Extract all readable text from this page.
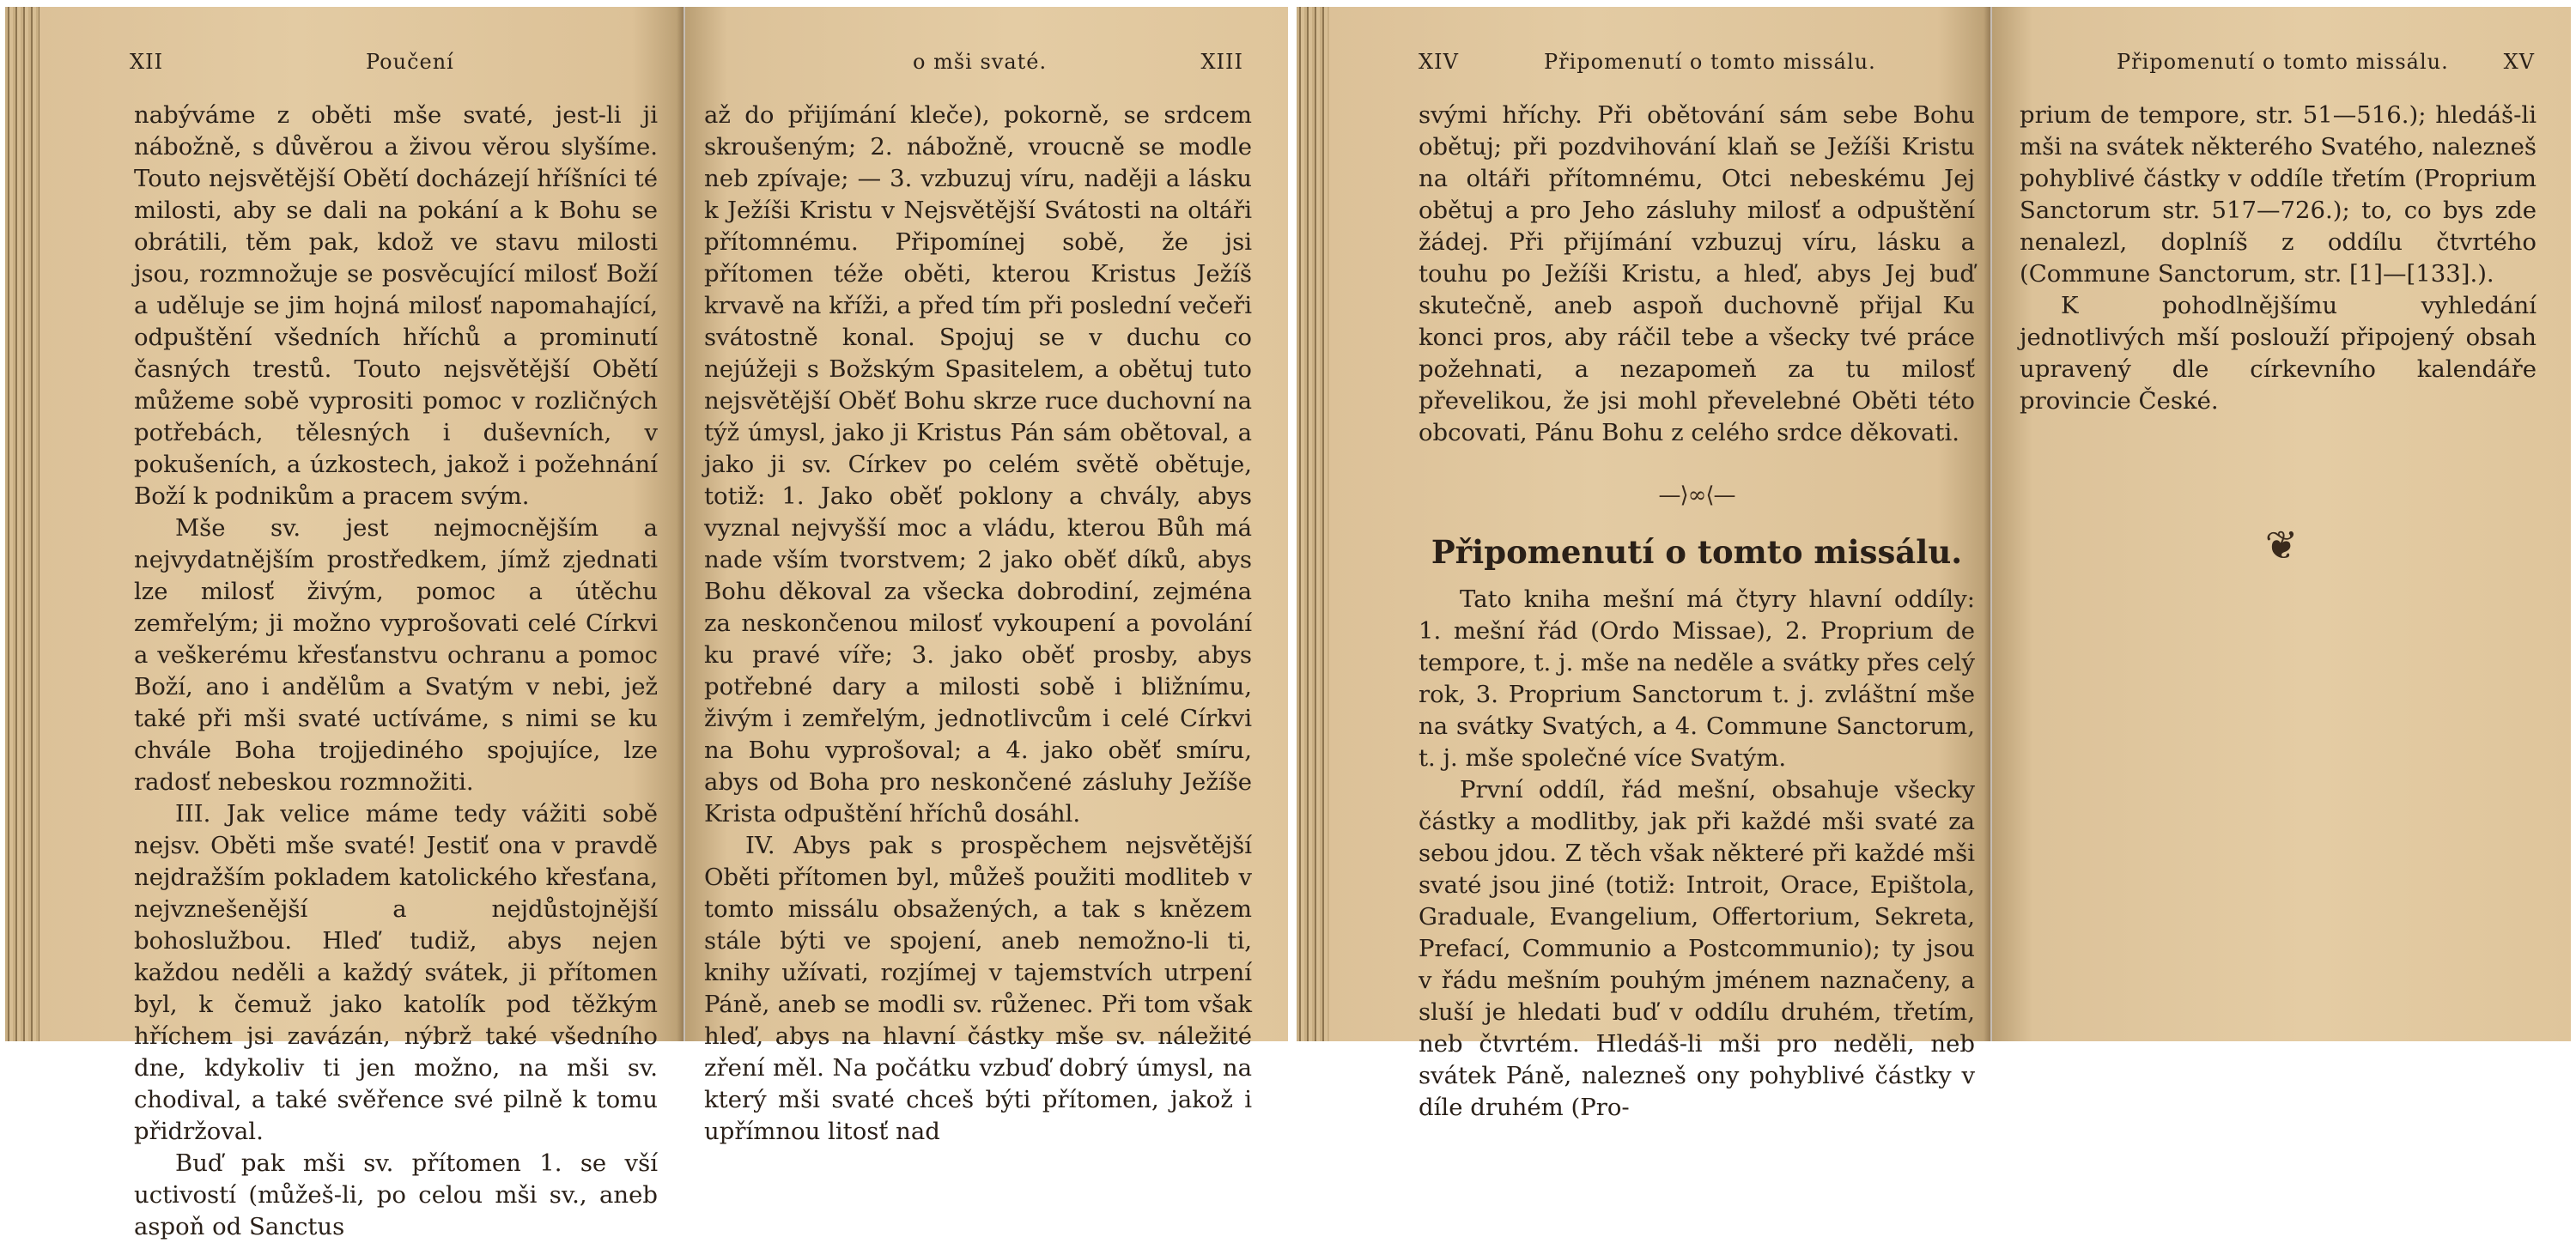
XII	Poučení

nabýváme z oběti mše svaté, jest-li ji nábožně, s důvěrou a živou věrou slyšíme. Touto nejsvětější Obětí docházejí hříšníci té milosti, aby se dali na pokání a k Bohu se obrátili, těm pak, kdož ve stavu milosti jsou, rozmnožuje se posvěcující milosť Boží a uděluje se jim hojná milosť napomahající, odpuštění všedních hříchů a prominutí časných trestů. Touto nejsvětější Obětí můžeme sobě vyprositi pomoc v rozličných potřebách, tělesných i duševních, v pokušeních, a úzkostech, jakož i požehnání Boží k podnikům a pracem svým.

Mše sv. jest nejmocnějším a nejvydatnějším prostředkem, jímž zjednati lze milosť živým, pomoc a útěchu zemřelým; ji možno vyprošovati celé Církvi a veškerému křesťanstvu ochranu a pomoc Boží, ano i andělům a Svatým v nebi, jež také při mši svaté uctíváme, s nimi se ku chvále Boha trojjediného spojujíce, lze radosť nebeskou rozmnožiti.

III. Jak velice máme tedy vážiti sobě nejsv. Oběti mše svaté! Jestiť ona v pravdě nejdražším pokladem katolického křesťana, nejvznešenější a nejdůstojnější bohoslužbou. Hleď tudiž, abys nejen každou neděli a každý svátek, ji přítomen byl, k čemuž jako katolík pod těžkým hříchem jsi zavázán, nýbrž také všedního dne, kdykoliv ti jen možno, na mši sv. chodival, a také svěřence své pilně k tomu přidržoval.

Buď pak mši sv. přítomen 1. se vší uctivostí (můžeš-li, po celou mši sv., aneb aspoň od Sanctus

o mši svaté.	XIII

až do přijímání kleče), pokorně, se srdcem skroušeným; 2. nábožně, vroucně se modle neb zpívaje; — 3. vzbuzuj víru, naději a lásku k Ježíši Kristu v Nejsvětější Svátosti na oltáři přítomnému. Připomínej sobě, že jsi přítomen téže oběti, kterou Kristus Ježíš krvavě na kříži, a před tím při poslední večeři svátostně konal. Spojuj se v duchu co nejúžeji s Božským Spasitelem, a obětuj tuto nejsvětější Oběť Bohu skrze ruce duchovní na týž úmysl, jako ji Kristus Pán sám obětoval, a jako ji sv. Církev po celém světě obětuje, totiž: 1. Jako oběť poklony a chvály, abys vyznal nejvyšší moc a vládu, kterou Bůh má nade vším tvorstvem; 2 jako oběť díků, abys Bohu děkoval za všecka dobrodiní, zejména za neskončenou milosť vykoupení a povolání ku pravé víře; 3. jako oběť prosby, abys potřebné dary a milosti sobě i bližnímu, živým i zemřelým, jednotlivcům i celé Církvi na Bohu vyprošoval; a 4. jako oběť smíru, abys od Boha pro neskončené zásluhy Ježíše Krista odpuštění hříchů dosáhl.

IV. Abys pak s prospěchem nejsvětější Oběti přítomen byl, můžeš použiti modliteb v tomto missálu obsažených, a tak s knězem stále býti ve spojení, aneb nemožno-li ti, knihy užívati, rozjímej v tajemstvích utrpení Páně, aneb se modli sv. růženec. Při tom však hleď, abys na hlavní částky mše sv. náležité zření měl. Na počátku vzbuď dobrý úmysl, na který mši svaté chceš býti přítomen, jakož i upřímnou litosť nad

XIV	Připomenutí o tomto missálu.

svými hříchy. Při obětování sám sebe Bohu obětuj; při pozdvihování klaň se Ježíši Kristu na oltáři přítomnému, Otci nebeskému Jej obětuj a pro Jeho zásluhy milosť a odpuštění žádej. Při přijímání vzbuzuj víru, lásku a touhu po Ježíši Kristu, a hleď, abys Jej buď skutečně, aneb aspoň duchovně přijal Ku konci pros, aby ráčil tebe a všecky tvé práce požehnati, a nezapomeň za tu milosť převelikou, že jsi mohl převelebné Oběti této obcovati, Pánu Bohu z celého srdce děkovati.

—⟩∞⟨—
Připomenutí o tomto missálu.

Tato kniha mešní má čtyry hlavní oddíly: 1. mešní řád (Ordo Missae), 2. Proprium de tempore, t. j. mše na neděle a svátky přes celý rok, 3. Proprium Sanctorum t. j. zvláštní mše na svátky Svatých, a 4. Commune Sanctorum, t. j. mše společné více Svatým.

První oddíl, řád mešní, obsahuje všecky částky a modlitby, jak při každé mši svaté za sebou jdou. Z těch však některé při každé mši svaté jsou jiné (totiž: Introit, Orace, Epištola, Graduale, Evangelium, Offertorium, Sekreta, Prefací, Communio a Postcommunio); ty jsou v řádu mešním pouhým jménem naznačeny, a sluší je hledati buď v oddílu druhém, třetím, neb čtvrtém. Hledáš-li mši pro neděli, neb svátek Páně, nalezneš ony pohyblivé částky v díle druhém (Pro-

Připomenutí o tomto missálu.	XV

prium de tempore, str. 51—516.); hledáš-li mši na svátek některého Svatého, nalezneš pohyblivé částky v oddíle třetím (Proprium Sanctorum str. 517—726.); to, co bys zde nenalezl, doplníš z oddílu čtvrtého (Commune Sanctorum, str. [1]—[133].).

K pohodlnějšímu vyhledání jednotlivých mší poslouží připojený obsah upravený dle církevního kalendáře provincie České.

❦
